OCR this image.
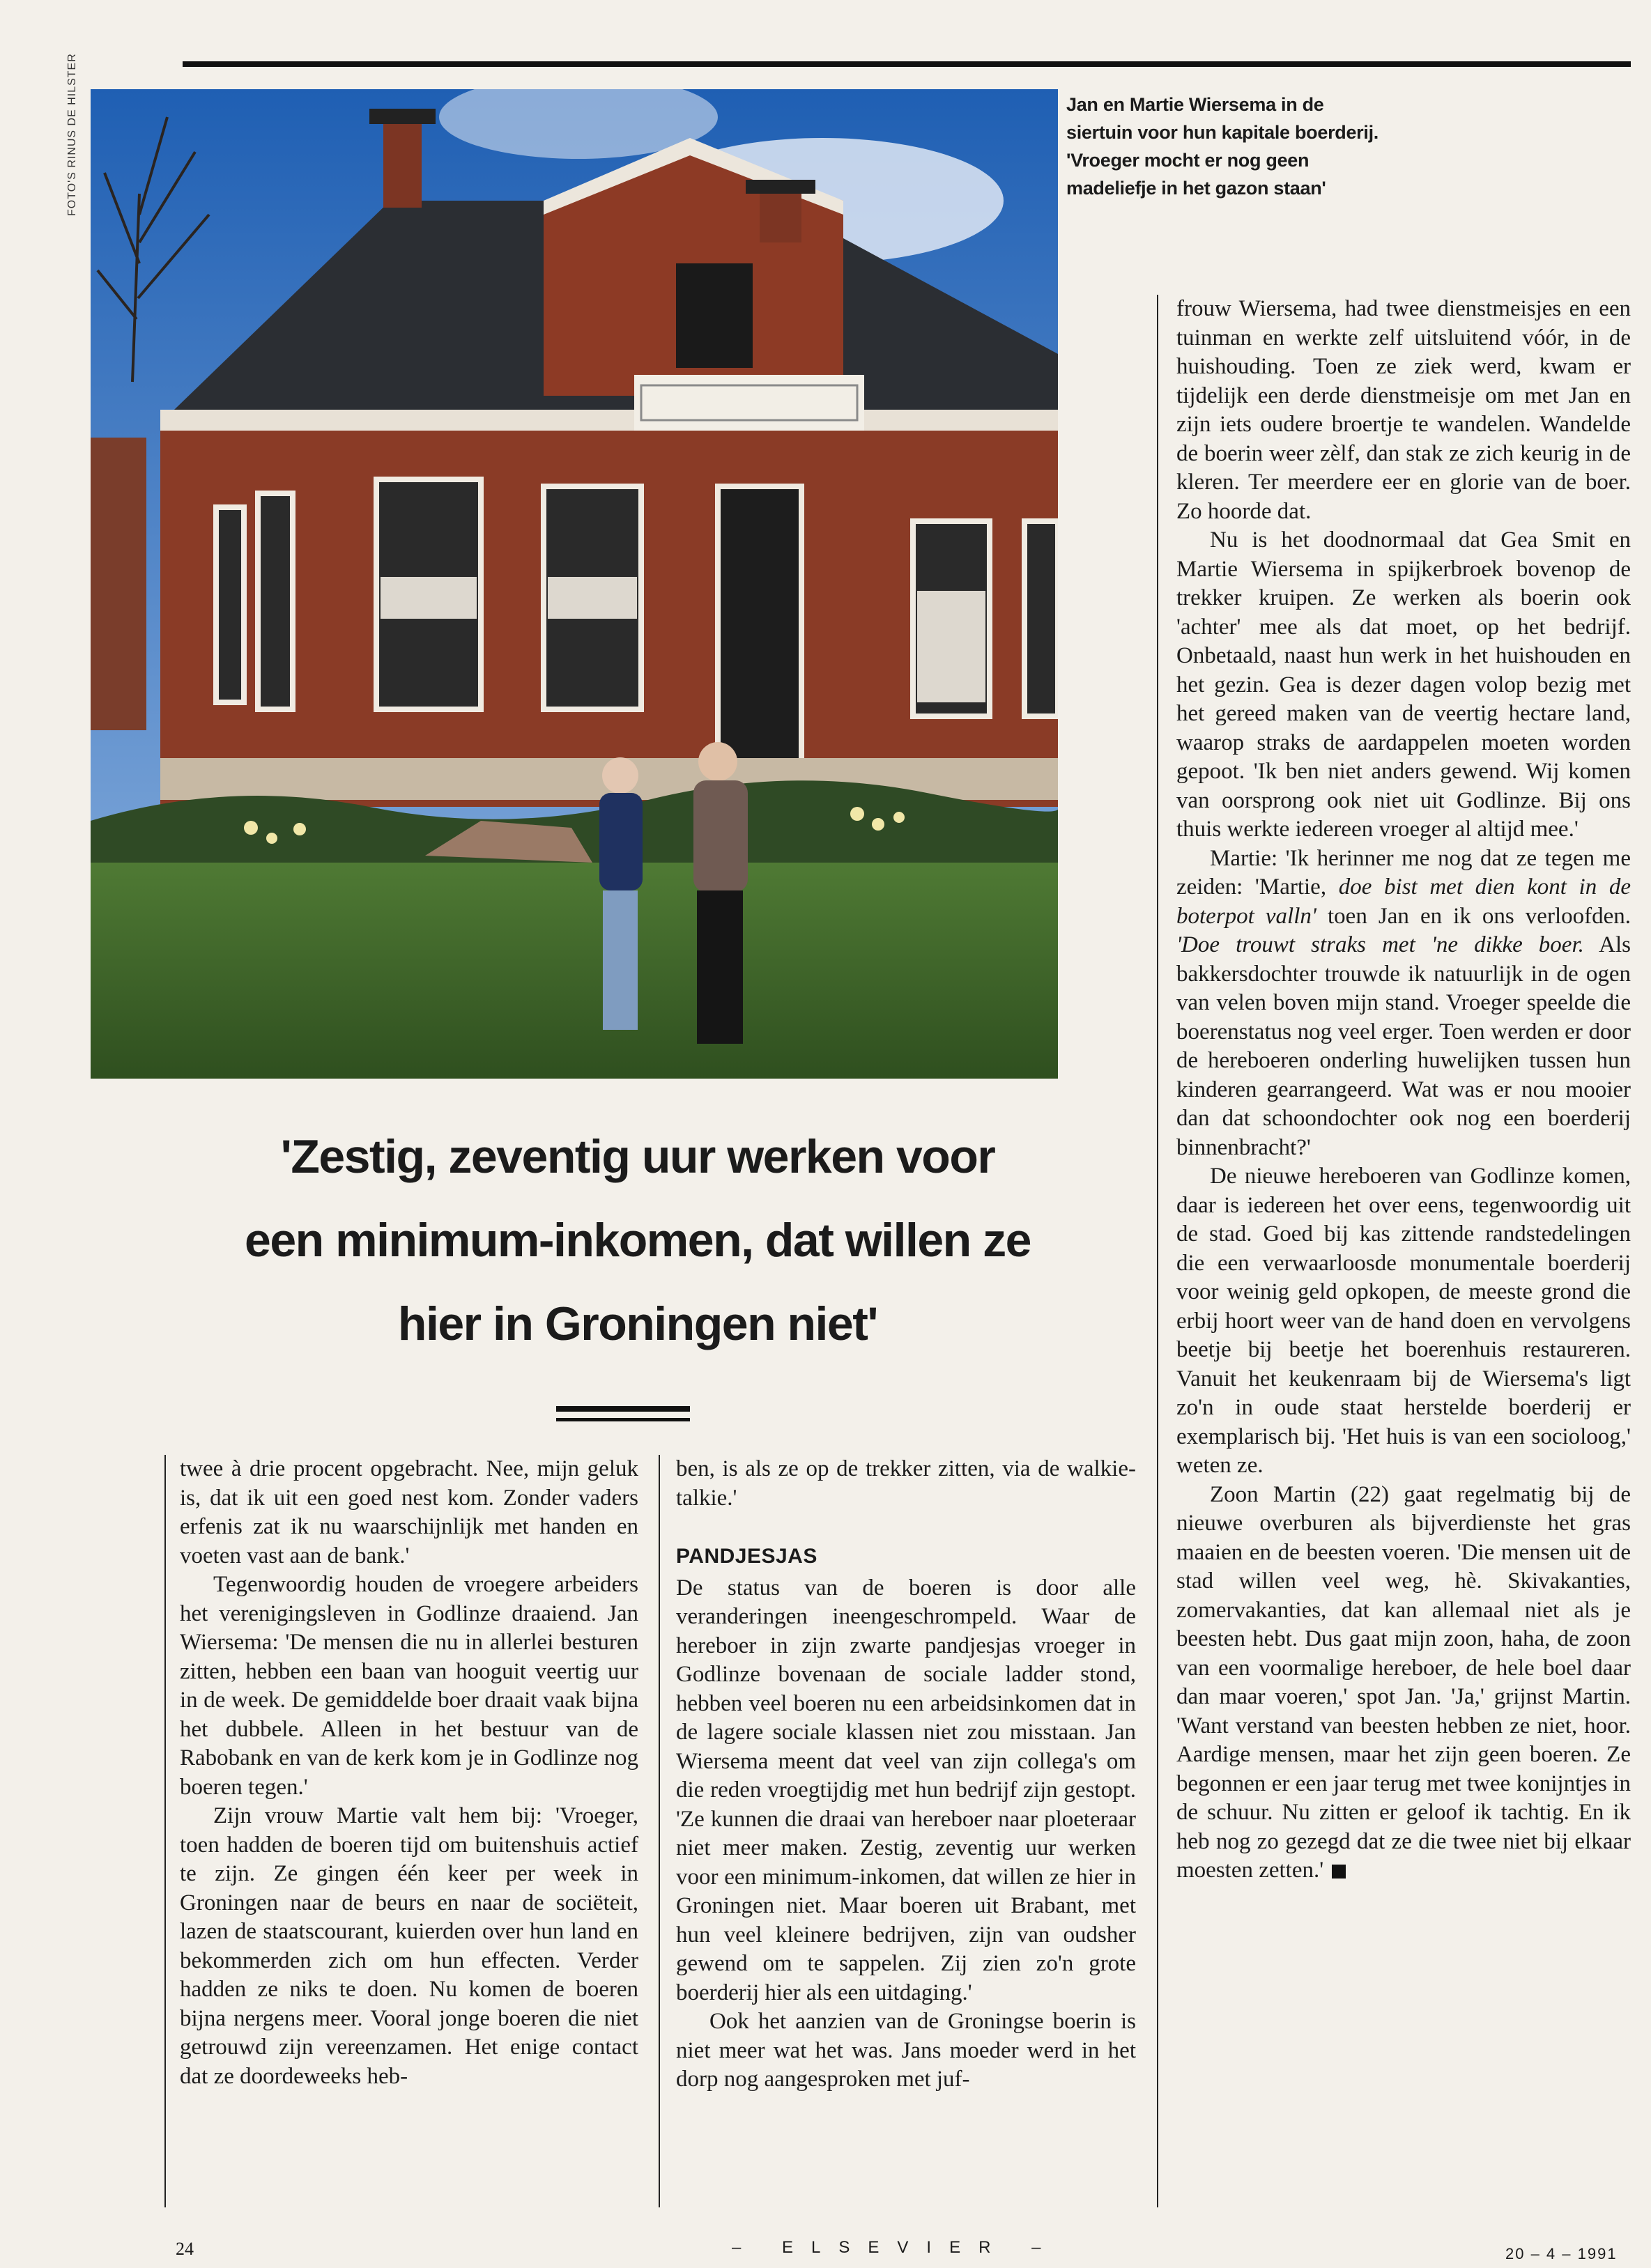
FOTO'S RINUS DE HILSTER	Jan en Martie Wiersema in de
siertuin voor hun kapitale boerderij.
'Vroeger mocht er nog geen
madeliefje in het gazon staan'
'Zestig, zeventig uur werken voor
een minimum-inkomen, dat willen ze
hier in Groningen niet'

twee à drie procent opgebracht. Nee, mijn geluk is, dat ik uit een goed nest kom. Zonder vaders erfenis zat ik nu waarschijnlijk met handen en voeten vast aan de bank.'

Tegenwoordig houden de vroegere arbeiders het verenigingsleven in Godlinze draaiend. Jan Wiersema: 'De mensen die nu in allerlei besturen zitten, hebben een baan van hooguit veertig uur in de week. De gemiddelde boer draait vaak bijna het dubbele. Alleen in het bestuur van de Rabobank en van de kerk kom je in Godlinze nog boeren tegen.'

Zijn vrouw Martie valt hem bij: 'Vroeger, toen hadden de boeren tijd om buitenshuis actief te zijn. Ze gingen één keer per week in Groningen naar de beurs en naar de sociëteit, lazen de staatscourant, kuierden over hun land en bekommerden zich om hun effecten. Verder hadden ze niks te doen. Nu komen de boeren bijna nergens meer. Vooral jonge boeren die niet getrouwd zijn vereenzamen. Het enige contact dat ze doordeweeks heb-

ben, is als ze op de trekker zitten, via de walkie-talkie.'

PANDJESJAS

De status van de boeren is door alle veranderingen ineengeschrompeld. Waar de hereboer in zijn zwarte pandjesjas vroeger in Godlinze bovenaan de sociale ladder stond, hebben veel boeren nu een arbeidsinkomen dat in de lagere sociale klassen niet zou misstaan. Jan Wiersema meent dat veel van zijn collega's om die reden vroegtijdig met hun bedrijf zijn gestopt. 'Ze kunnen die draai van hereboer naar ploeteraar niet meer maken. Zestig, zeventig uur werken voor een minimum-inkomen, dat willen ze hier in Groningen niet. Maar boeren uit Brabant, met hun veel kleinere bedrijven, zijn van oudsher gewend om te sappelen. Zij zien zo'n grote boerderij hier als een uitdaging.'

Ook het aanzien van de Groningse boerin is niet meer wat het was. Jans moeder werd in het dorp nog aangesproken met juf-

frouw Wiersema, had twee dienstmeisjes en een tuinman en werkte zelf uitsluitend vóór, in de huishouding. Toen ze ziek werd, kwam er tijdelijk een derde dienstmeisje om met Jan en zijn iets oudere broertje te wandelen. Wandelde de boerin weer zèlf, dan stak ze zich keurig in de kleren. Ter meerdere eer en glorie van de boer. Zo hoorde dat.

Nu is het doodnormaal dat Gea Smit en Martie Wiersema in spijkerbroek bovenop de trekker kruipen. Ze werken als boerin ook 'achter' mee als dat moet, op het bedrijf. Onbetaald, naast hun werk in het huishouden en het gezin. Gea is dezer dagen volop bezig met het gereed maken van de veertig hectare land, waarop straks de aardappelen moeten worden gepoot. 'Ik ben niet anders gewend. Wij komen van oorsprong ook niet uit Godlinze. Bij ons thuis werkte iedereen vroeger al altijd mee.'

Martie: 'Ik herinner me nog dat ze tegen me zeiden: 'Martie, doe bist met dien kont in de boterpot valln' toen Jan en ik ons verloofden. 'Doe trouwt straks met 'ne dikke boer. Als bakkersdochter trouwde ik natuurlijk in de ogen van velen boven mijn stand. Vroeger speelde die boerenstatus nog veel erger. Toen werden er door de hereboeren onderling huwelijken tussen hun kinderen gearrangeerd. Wat was er nou mooier dan dat schoondochter ook nog een boerderij binnenbracht?'

De nieuwe hereboeren van Godlinze komen, daar is iedereen het over eens, tegenwoordig uit de stad. Goed bij kas zittende randstedelingen die een verwaarloosde monumentale boerderij voor weinig geld opkopen, de meeste grond die erbij hoort weer van de hand doen en vervolgens beetje bij beetje het boerenhuis restaureren. Vanuit het keukenraam bij de Wiersema's ligt zo'n in oude staat herstelde boerderij er exemplarisch bij. 'Het huis is van een socioloog,' weten ze.

Zoon Martin (22) gaat regelmatig bij de nieuwe overburen als bijverdienste het gras maaien en de beesten voeren. 'Die mensen uit de stad willen veel weg, hè. Skivakanties, zomervakanties, dat kan allemaal niet als je beesten hebt. Dus gaat mijn zoon, haha, de zoon van een voormalige hereboer, de hele boel daar dan maar voeren,' spot Jan. 'Ja,' grijnst Martin. 'Want verstand van beesten hebben ze niet, hoor. Aardige mensen, maar het zijn geen boeren. Ze begonnen er een jaar terug met twee konijntjes in de schuur. Nu zitten er geloof ik tachtig. En ik heb nog zo gezegd dat ze die twee niet bij elkaar moesten zetten.'

24	– ELSEVIER –	20 – 4 – 1991
